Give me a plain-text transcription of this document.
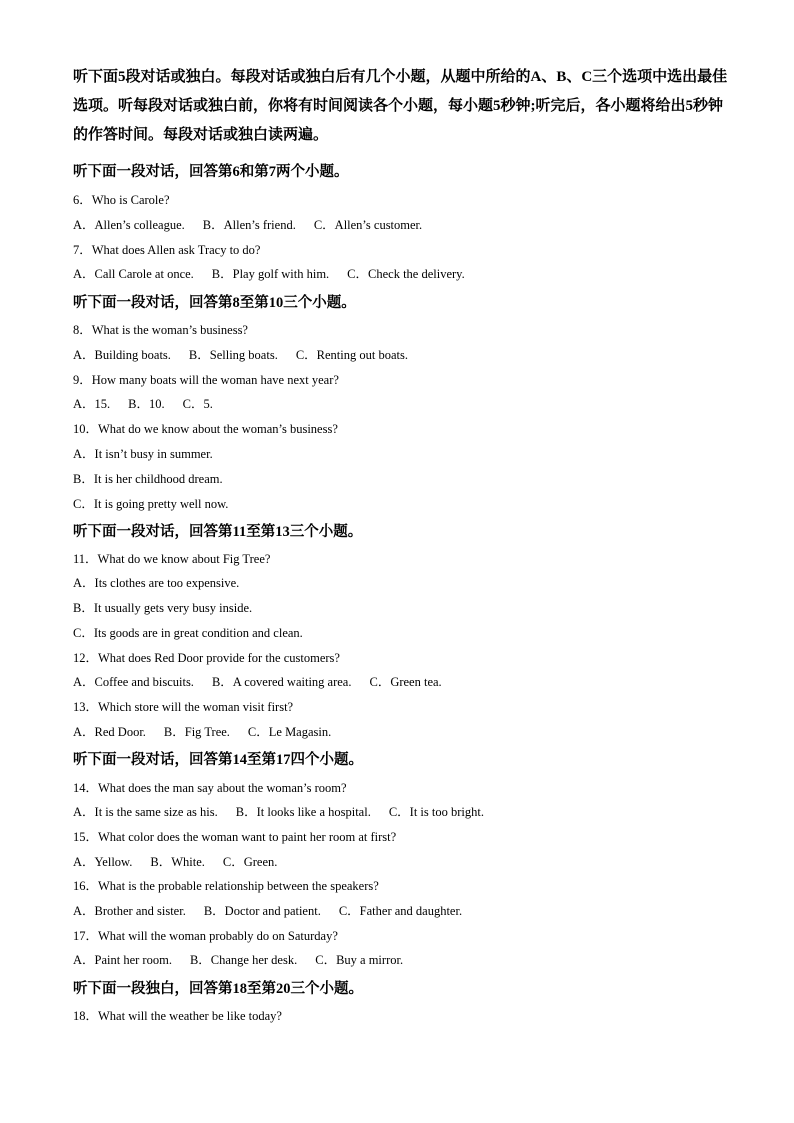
听下面5段对话或独白。每段对话或独白后有几个小题，从题中所给的A、B、C三个选项中选出最佳选项。听每段对话或独白前，你将有时间阅读各个小题，每小题5秒钟;听完后，各小题将给出5秒钟的作答时间。每段对话或独白读两遍。
听下面一段对话，回答第6和第7两个小题。
6．Who is Carole?
A．Allen’s colleague. B．Allen’s friend. C．Allen’s customer.
7．What does Allen ask Tracy to do?
A．Call Carole at once. B．Play golf with him. C．Check the delivery.
听下面一段对话，回答第8至第10三个小题。
8．What is the woman’s business?
A．Building boats. B．Selling boats. C．Renting out boats.
9．How many boats will the woman have next year?
A．15. B．10. C．5.
10．What do we know about the woman’s business?
A．It isn’t busy in summer.
B．It is her childhood dream.
C．It is going pretty well now.
听下面一段对话，回答第11至第13三个小题。
11．What do we know about Fig Tree?
A．Its clothes are too expensive.
B．It usually gets very busy inside.
C．Its goods are in great condition and clean.
12．What does Red Door provide for the customers?
A．Coffee and biscuits. B．A covered waiting area. C．Green tea.
13．Which store will the woman visit first?
A．Red Door. B．Fig Tree. C．Le Magasin.
听下面一段对话，回答第14至第17四个小题。
14．What does the man say about the woman’s room?
A．It is the same size as his. B．It looks like a hospital. C．It is too bright.
15．What color does the woman want to paint her room at first?
A．Yellow. B．White. C．Green.
16．What is the probable relationship between the speakers?
A．Brother and sister. B．Doctor and patient. C．Father and daughter.
17．What will the woman probably do on Saturday?
A．Paint her room. B．Change her desk. C．Buy a mirror.
听下面一段独白，回答第18至第20三个小题。
18．What will the weather be like today?
